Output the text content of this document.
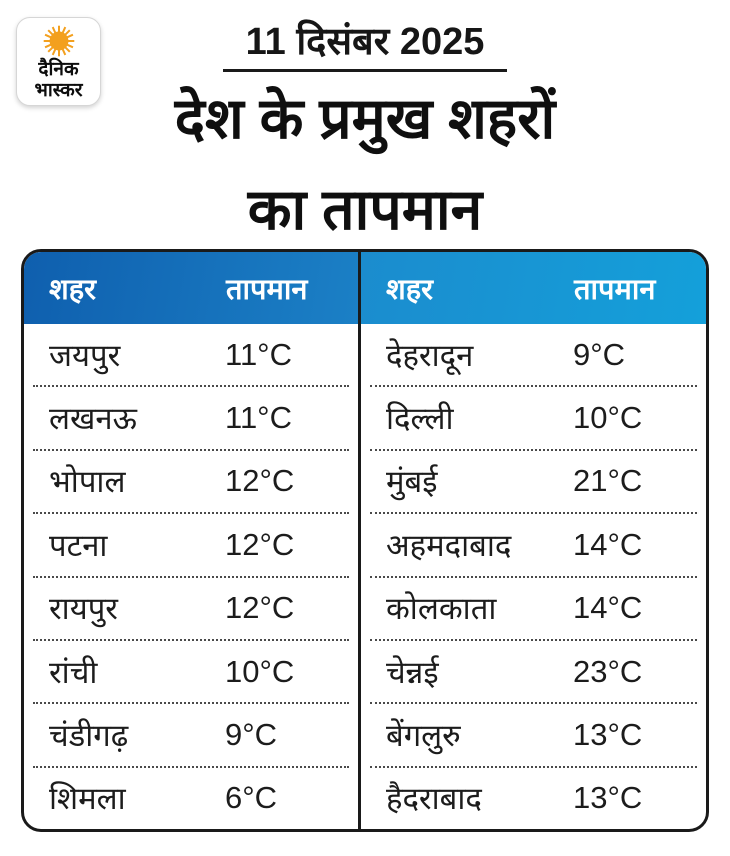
दैनिक
भास्कर
11 दिसंबर 2025
देश के प्रमुख शहरों
का तापमान
शहर	तापमान
जयपुर	11°C
लखनऊ	11°C
भोपाल	12°C
पटना	12°C
रायपुर	12°C
रांची	10°C
चंडीगढ़	9°C
शिमला	6°C
शहर	तापमान
देहरादून	9°C
दिल्ली	10°C
मुंबई	21°C
अहमदाबाद	14°C
कोलकाता	14°C
चेन्नई	23°C
बेंगलुरु	13°C
हैदराबाद	13°C
